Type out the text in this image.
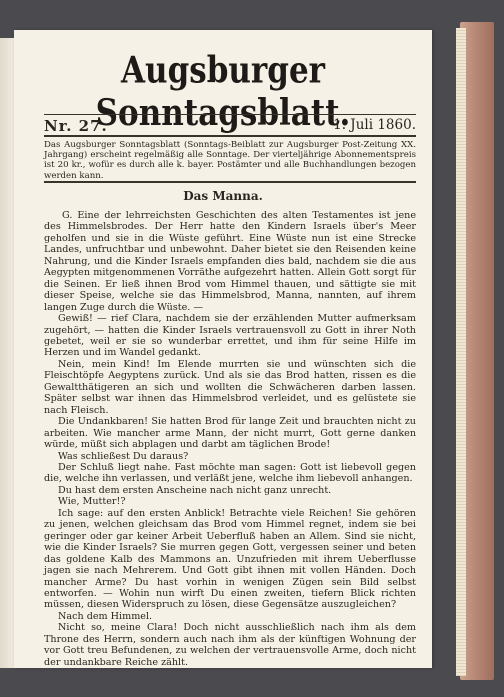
Augsburger Sonntagsblatt.
Nr. 27.	1. Juli 1860.
Das Augsburger Sonntagsblatt (Sonntags-Beiblatt zur Augsburger Post-Zeitung XX. Jahrgang) erscheint regelmäßig alle Sonntage. Der vierteljährige Abonnementspreis ist 20 kr., wofür es durch alle k. bayer. Postämter und alle Buchhandlungen bezogen werden kann.
Das Manna.

G. Eine der lehrreichsten Geschichten des alten Testamentes ist jene des Himmelsbrodes. Der Herr hatte den Kindern Israels über's Meer geholfen und sie in die Wüste geführt. Eine Wüste nun ist eine Strecke Landes, unfruchtbar und unbewohnt. Daher bietet sie den Reisenden keine Nahrung, und die Kinder Israels empfanden dies bald, nachdem sie die aus Aegypten mitgenommenen Vorräthe aufgezehrt hatten. Allein Gott sorgt für die Seinen. Er ließ ihnen Brod vom Himmel thauen, und sättigte sie mit dieser Speise, welche sie das Himmelsbrod, Manna, nannten, auf ihrem langen Zuge durch die Wüste. —

Gewiß! — rief Clara, nachdem sie der erzählenden Mutter aufmerksam zugehört, — hatten die Kinder Israels vertrauensvoll zu Gott in ihrer Noth gebetet, weil er sie so wunderbar errettet, und ihm für seine Hilfe im Herzen und im Wandel gedankt.

Nein, mein Kind! Im Elende murrten sie und wünschten sich die Fleischtöpfe Aegyptens zurück. Und als sie das Brod hatten, rissen es die Gewaltthätigeren an sich und wollten die Schwächeren darben lassen. Später selbst war ihnen das Himmelsbrod verleidet, und es gelüstete sie nach Fleisch.

Die Undankbaren! Sie hatten Brod für lange Zeit und brauchten nicht zu arbeiten. Wie mancher arme Mann, der nicht murrt, Gott gerne danken würde, müßt sich abplagen und darbt am täglichen Brode!

Was schließest Du daraus?

Der Schluß liegt nahe. Fast möchte man sagen: Gott ist liebevoll gegen die, welche ihn verlassen, und verläßt jene, welche ihm liebevoll anhangen.

Du hast dem ersten Anscheine nach nicht ganz unrecht.

Wie, Mutter!?

Ich sage: auf den ersten Anblick! Betrachte viele Reichen! Sie gehören zu jenen, welchen gleichsam das Brod vom Himmel regnet, indem sie bei geringer oder gar keiner Arbeit Ueberfluß haben an Allem. Sind sie nicht, wie die Kinder Israels? Sie murren gegen Gott, vergessen seiner und beten das goldene Kalb des Mammons an. Unzufrieden mit ihrem Ueberflusse jagen sie nach Mehrerem. Und Gott gibt ihnen mit vollen Händen. Doch mancher Arme? Du hast vorhin in wenigen Zügen sein Bild selbst entworfen. — Wohin nun wirft Du einen zweiten, tiefern Blick richten müssen, diesen Widerspruch zu lösen, diese Gegensätze auszugleichen?

Nach dem Himmel.

Nicht so, meine Clara! Doch nicht ausschließlich nach ihm als dem Throne des Herrn, sondern auch nach ihm als der künftigen Wohnung der vor Gott treu Befundenen, zu welchen der vertrauensvolle Arme, doch nicht der undankbare Reiche zählt.
